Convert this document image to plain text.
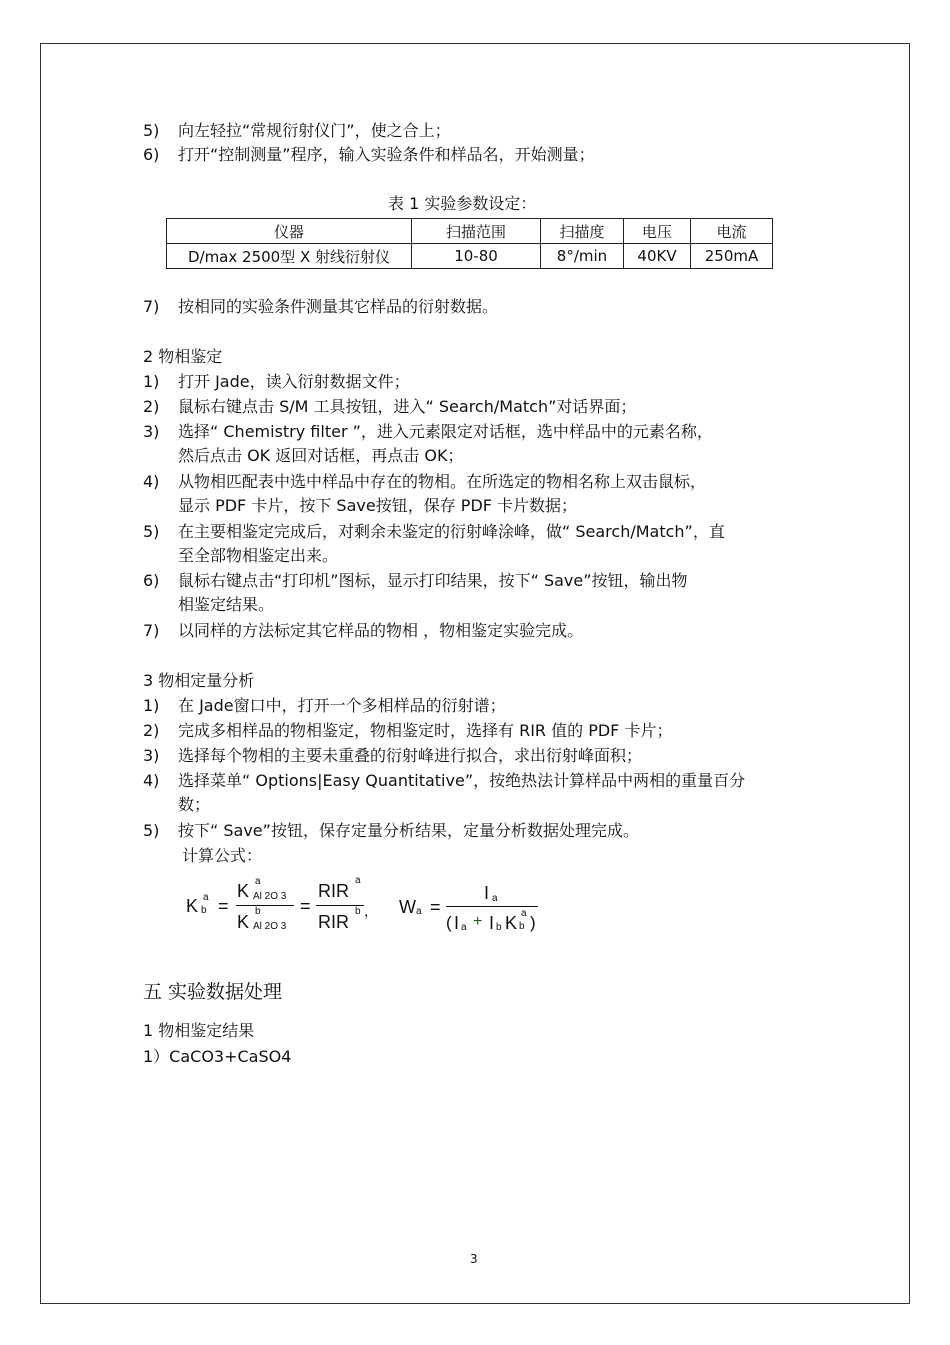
5) 向左轻拉“常规衍射仪门”，使之合上；
6) 打开“控制测量”程序，输入实验条件和样品名，开始测量；
表 1 实验参数设定：
仪器	扫描范围	扫描度	电压	电流
D/max 2500型 X 射线衍射仪	10-80	8°/min	40KV	250mA
7) 按相同的实验条件测量其它样品的衍射数据。
2 物相鉴定
1) 打开 Jade，读入衍射数据文件；
2) 鼠标右键点击 S/M 工具按钮，进入“ Search/Match”对话界面；
3) 选择“ Chemistry filter ”，进入元素限定对话框，选中样品中的元素名称，
然后点击 OK 返回对话框，再点击 OK；
4) 从物相匹配表中选中样品中存在的物相。在所选定的物相名称上双击鼠标，
显示 PDF 卡片，按下 Save按钮，保存 PDF 卡片数据；
5) 在主要相鉴定完成后，对剩余未鉴定的衍射峰涂峰，做“ Search/Match”，直
至全部物相鉴定出来。
6) 鼠标右键点击“打印机”图标，显示打印结果，按下“ Save”按钮，输出物
相鉴定结果。
7) 以同样的方法标定其它样品的物相 ，物相鉴定实验完成。
3 物相定量分析
1) 在 Jade窗口中，打开一个多相样品的衍射谱；
2) 完成多相样品的物相鉴定，物相鉴定时，选择有 RIR 值的 PDF 卡片；
3) 选择每个物相的主要未重叠的衍射峰进行拟合，求出衍射峰面积；
4) 选择菜单“ Options|Easy Quantitative”，按绝热法计算样品中两相的重量百分
数；
5) 按下“ Save”按钮，保存定量分析结果，定量分析数据处理完成。
计算公式：
K a
b =
a
K Al 2O 3
b
K Al 2O 3
=
RIR
a
RIR
b ， W a =
I a
( I a + I b K a
b )
五 实验数据处理
1 物相鉴定结果
1）CaCO3+CaSO4
3
